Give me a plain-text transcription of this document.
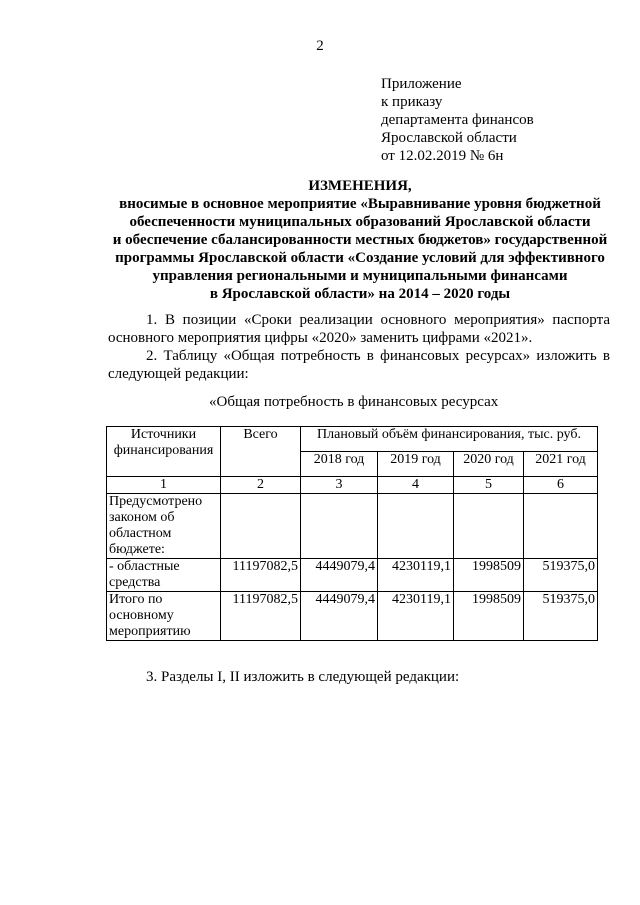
2
Приложение
к приказу
департамента финансов
Ярославской области
от 12.02.2019 № 6н
ИЗМЕНЕНИЯ,
вносимые в основное мероприятие «Выравнивание уровня бюджетной
обеспеченности муниципальных образований Ярославской области
и обеспечение сбалансированности местных бюджетов» государственной
программы Ярославской области «Создание условий для эффективного
управления региональными и муниципальными финансами
в Ярославской области» на 2014 – 2020 годы

1. В позиции «Сроки реализации основного мероприятия» паспорта основного мероприятия цифры «2020» заменить цифрами «2021».

2. Таблицу «Общая потребность в финансовых ресурсах» изложить в следующей редакции:

«Общая потребность в финансовых ресурсах
Источники финансирования	Всего	Плановый объём финансирования, тыс. руб.			
		2018 год	2019 год	2020 год	2021 год
1	2	3	4	5	6
Предусмотрено законом об областном бюджете:					
- областные средства	11197082,5	4449079,4	4230119,1	1998509	519375,0
Итого по основному мероприятию	11197082,5	4449079,4	4230119,1	1998509	519375,0
3. Разделы I, II изложить в следующей редакции:
